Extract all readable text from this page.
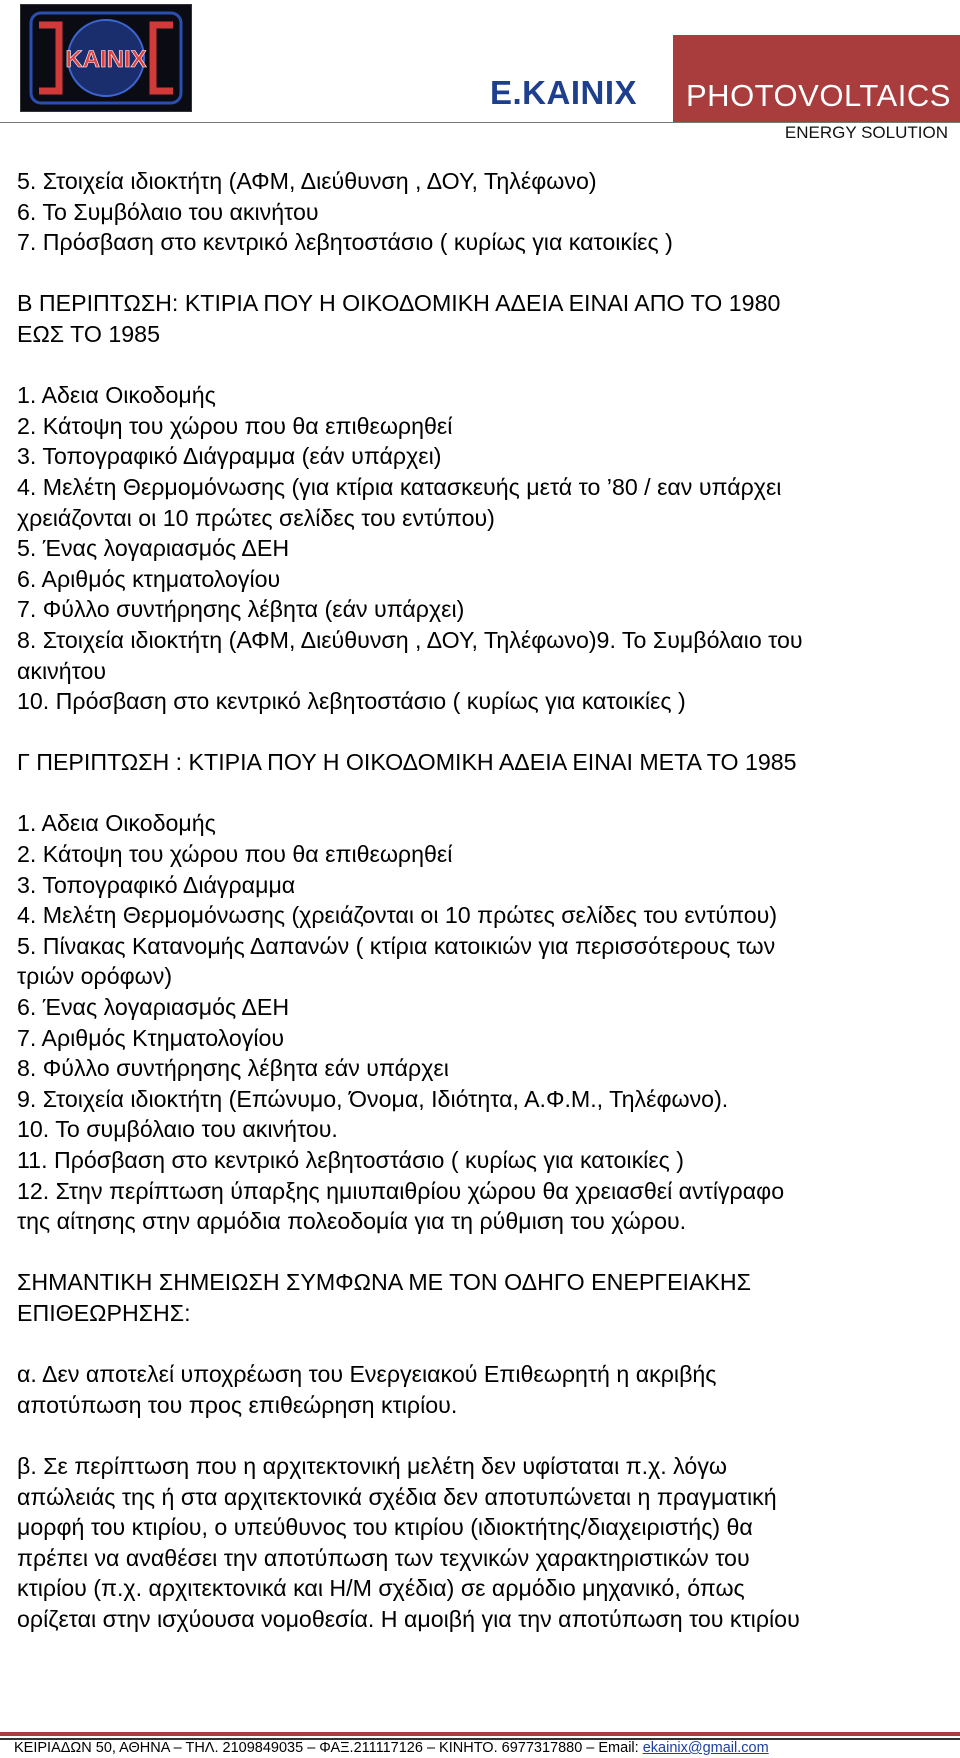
ΚΑΙΝΙΧ
E.KAINIX PHOTOVOLTAICS
ENERGY SOLUTION

5. Στοιχεία ιδιοκτήτη (ΑΦΜ, Διεύθυνση , ΔΟΥ, Τηλέφωνο)

6. Το Συμβόλαιο του ακινήτου

7. Πρόσβαση στο κεντρικό λεβητοστάσιο ( κυρίως για κατοικίες )

Β ΠΕΡΙΠΤΩΣΗ: ΚΤΙΡΙΑ ΠΟΥ Η ΟΙΚΟΔΟΜΙΚΗ ΑΔΕΙΑ ΕΙΝΑΙ ΑΠΟ ΤΟ 1980

ΕΩΣ ΤΟ 1985

1. Αδεια Οικοδομής

2. Κάτοψη του χώρου που θα επιθεωρηθεί

3. Τοπογραφικό Διάγραμμα (εάν υπάρχει)

4. Μελέτη Θερμομόνωσης (για κτίρια κατασκευής μετά το ’80 / εαν υπάρχει

χρειάζονται οι 10 πρώτες σελίδες του εντύπου)

5. Ένας λογαριασμός ΔΕΗ

6. Αριθμός κτηματολογίου

7. Φύλλο συντήρησης λέβητα (εάν υπάρχει)

8. Στοιχεία ιδιοκτήτη (ΑΦΜ, Διεύθυνση , ΔΟΥ, Τηλέφωνο)9. Το Συμβόλαιο του

ακινήτου

10. Πρόσβαση στο κεντρικό λεβητοστάσιο ( κυρίως για κατοικίες )

Γ ΠΕΡΙΠΤΩΣΗ : ΚΤΙΡΙΑ ΠΟΥ Η ΟΙΚΟΔΟΜΙΚΗ ΑΔΕΙΑ ΕΙΝΑΙ ΜΕΤΑ ΤΟ 1985

1. Αδεια Οικοδομής

2. Κάτοψη του χώρου που θα επιθεωρηθεί

3. Τοπογραφικό Διάγραμμα

4. Μελέτη Θερμομόνωσης (χρειάζονται οι 10 πρώτες σελίδες του εντύπου)

5. Πίνακας Κατανομής Δαπανών ( κτίρια κατοικιών για περισσότερους των

τριών ορόφων)

6. Ένας λογαριασμός ΔΕΗ

7. Αριθμός Κτηματολογίου

8. Φύλλο συντήρησης λέβητα εάν υπάρχει

9. Στοιχεία ιδιοκτήτη (Επώνυμο, Όνομα, Ιδιότητα, Α.Φ.Μ., Τηλέφωνο).

10. Το συμβόλαιο του ακινήτου.

11. Πρόσβαση στο κεντρικό λεβητοστάσιο ( κυρίως για κατοικίες )

12. Στην περίπτωση ύπαρξης ημιυπαιθρίου χώρου θα χρειασθεί αντίγραφο

της αίτησης στην αρμόδια πολεοδομία για τη ρύθμιση του χώρου.

ΣΗΜΑΝΤΙΚΗ ΣΗΜΕΙΩΣΗ ΣΥΜΦΩΝΑ ΜΕ ΤΟΝ ΟΔΗΓΟ ΕΝΕΡΓΕΙΑΚΗΣ

ΕΠΙΘΕΩΡΗΣΗΣ:

α. Δεν αποτελεί υποχρέωση του Ενεργειακού Επιθεωρητή η ακριβής

αποτύπωση του προς επιθεώρηση κτιρίου.

β. Σε περίπτωση που η αρχιτεκτονική μελέτη δεν υφίσταται π.χ. λόγω

απώλειάς της ή στα αρχιτεκτονικά σχέδια δεν αποτυπώνεται η πραγματική

μορφή του κτιρίου, ο υπεύθυνος του κτιρίου (ιδιοκτήτης/διαχειριστής) θα

πρέπει να αναθέσει την αποτύπωση των τεχνικών χαρακτηριστικών του

κτιρίου (π.χ. αρχιτεκτονικά και Η/Μ σχέδια) σε αρμόδιο μηχανικό, όπως

ορίζεται στην ισχύουσα νομοθεσία. Η αμοιβή για την αποτύπωση του κτιρίου

ΚΕΙΡΙΑΔΩΝ 50, ΑΘΗΝΑ – ΤΗΛ. 2109849035 – ΦΑΞ.211117126 – ΚΙΝΗΤΟ. 6977317880 – Email: ekainix@gmail.com
